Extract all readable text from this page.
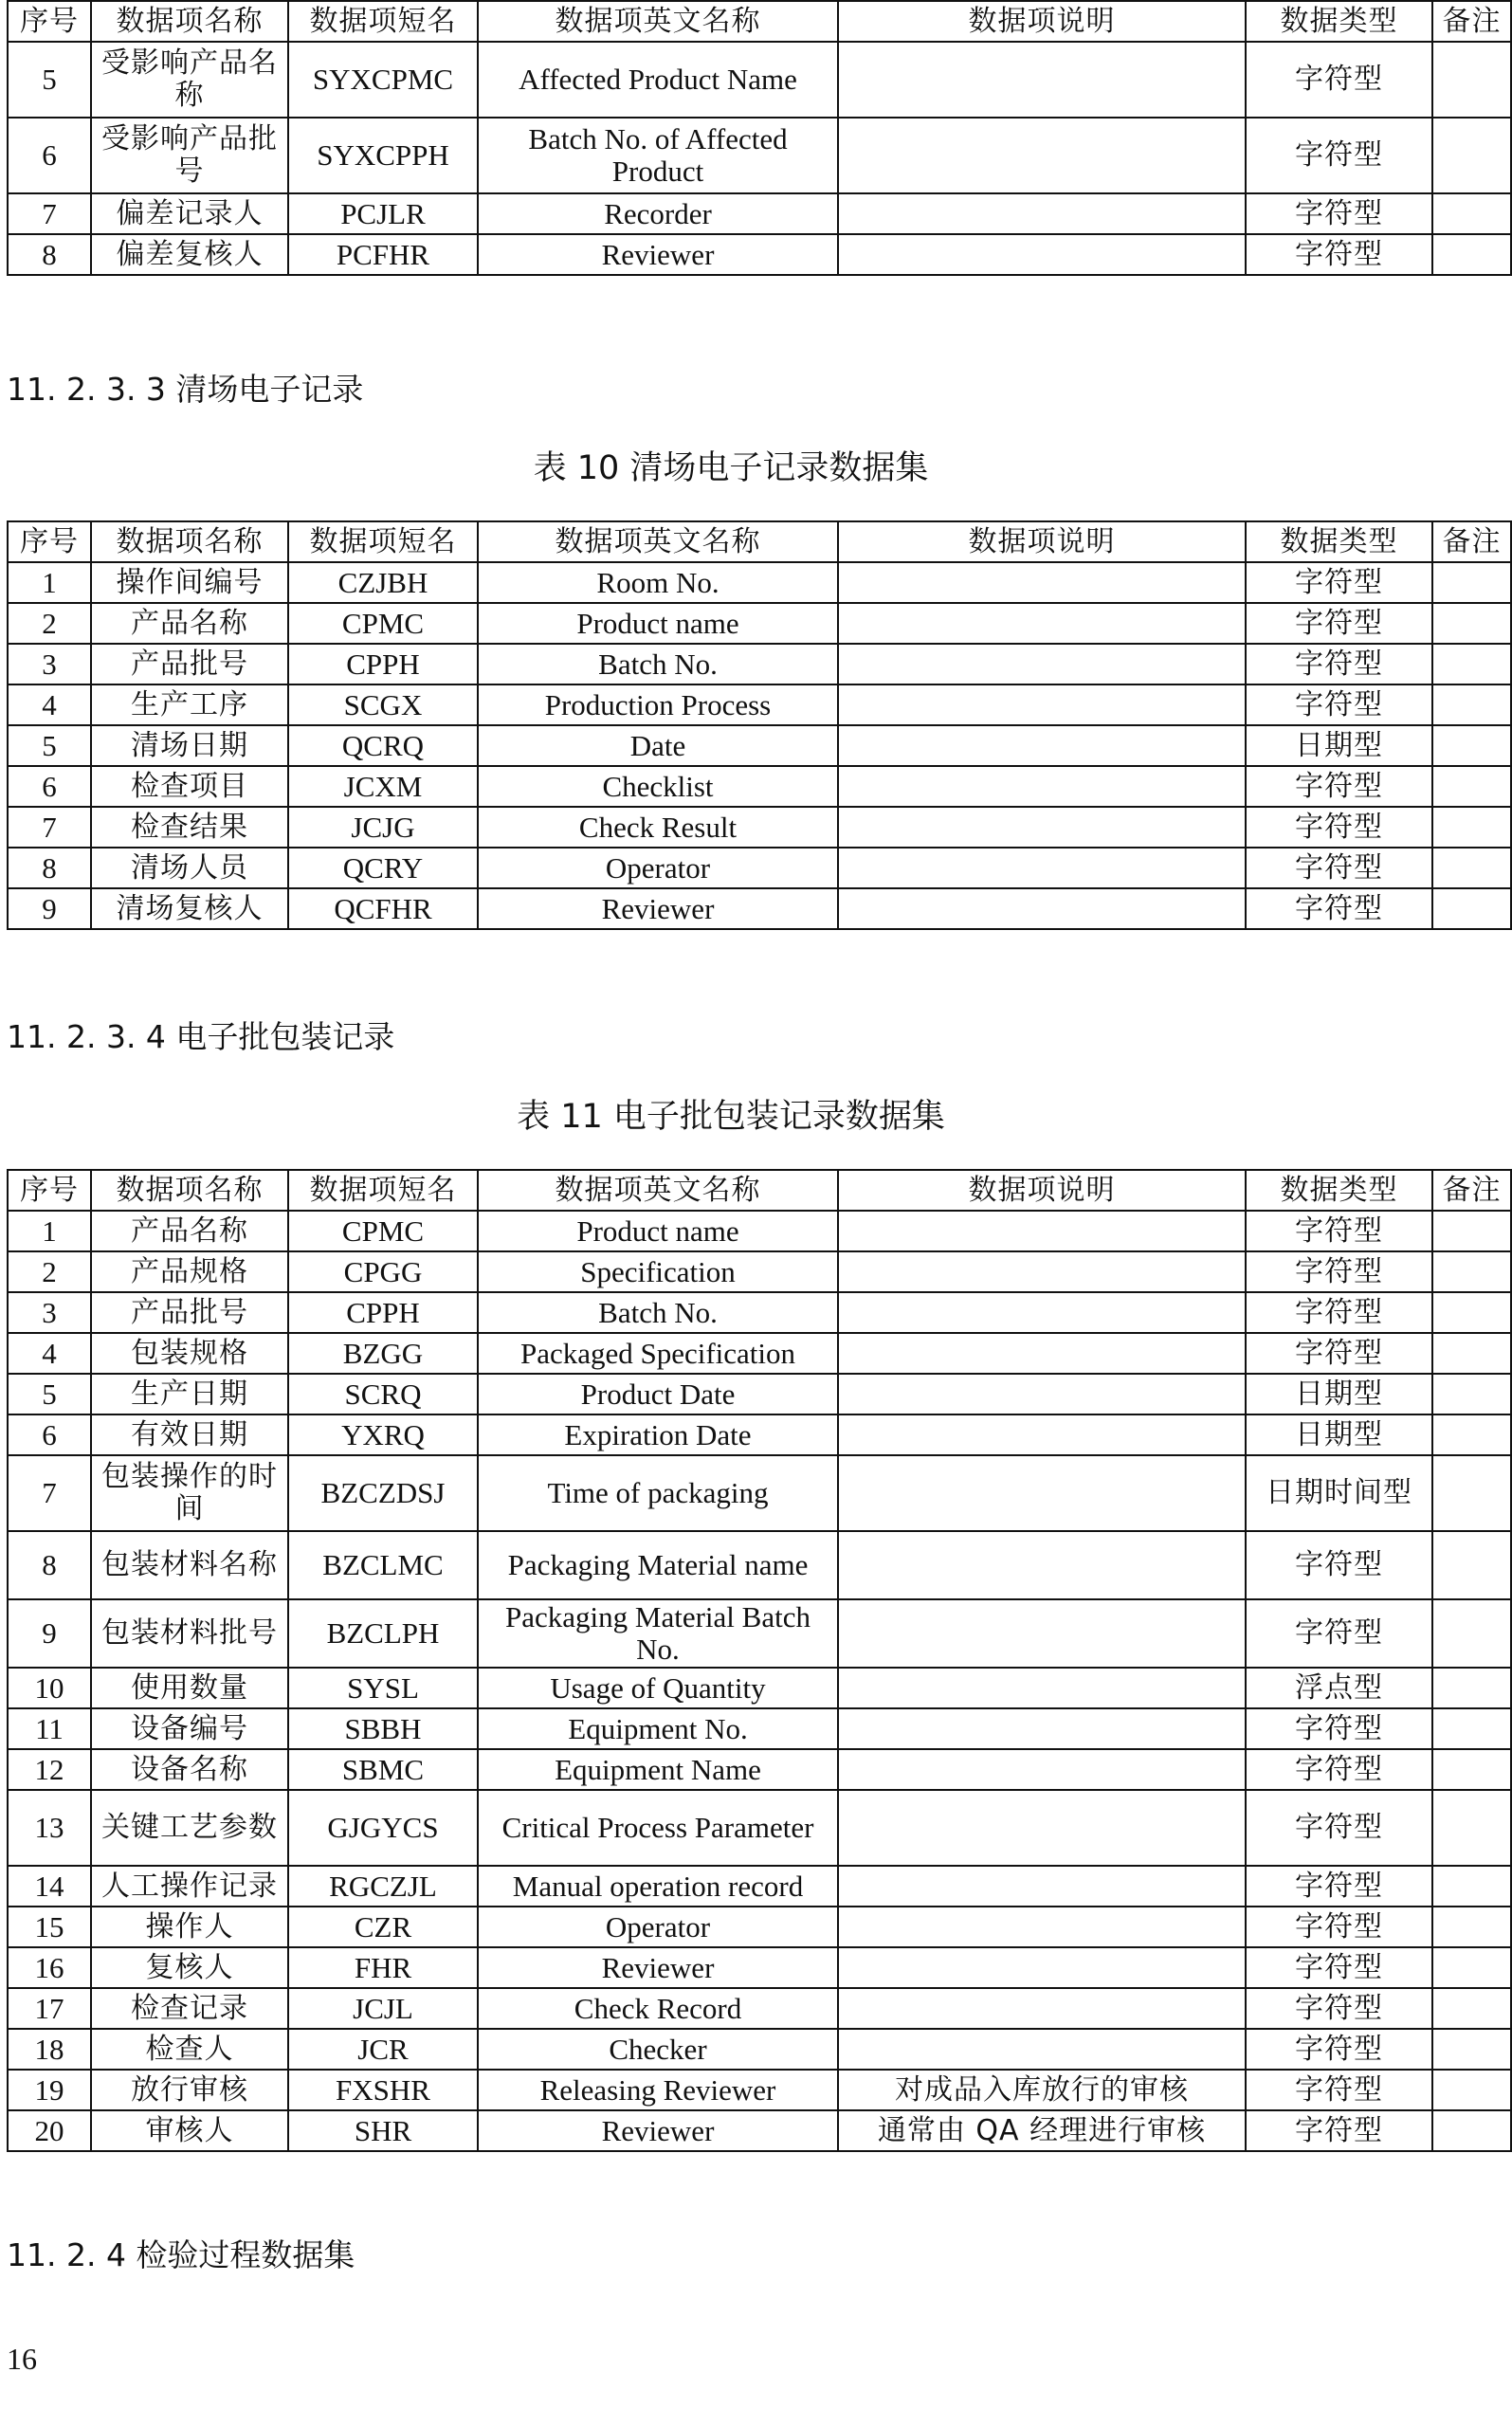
序号	数据项名称	数据项短名	数据项英文名称	数据项说明	数据类型	备注
5	受影响产品名称	SYXCPMC	Affected Product Name		字符型	
6	受影响产品批号	SYXCPPH	Batch No. of Affected Product		字符型	
7	偏差记录人	PCJLR	Recorder		字符型	
8	偏差复核人	PCFHR	Reviewer		字符型	
11. 2. 3. 3 清场电子记录
表 10 清场电子记录数据集
序号	数据项名称	数据项短名	数据项英文名称	数据项说明	数据类型	备注
1	操作间编号	CZJBH	Room No.		字符型	
2	产品名称	CPMC	Product name		字符型	
3	产品批号	CPPH	Batch No.		字符型	
4	生产工序	SCGX	Production Process		字符型	
5	清场日期	QCRQ	Date		日期型	
6	检查项目	JCXM	Checklist		字符型	
7	检查结果	JCJG	Check Result		字符型	
8	清场人员	QCRY	Operator		字符型	
9	清场复核人	QCFHR	Reviewer		字符型	
11. 2. 3. 4 电子批包装记录
表 11 电子批包装记录数据集
序号	数据项名称	数据项短名	数据项英文名称	数据项说明	数据类型	备注
1	产品名称	CPMC	Product name		字符型	
2	产品规格	CPGG	Specification		字符型	
3	产品批号	CPPH	Batch No.		字符型	
4	包装规格	BZGG	Packaged Specification		字符型	
5	生产日期	SCRQ	Product Date		日期型	
6	有效日期	YXRQ	Expiration Date		日期型	
7	包装操作的时间	BZCZDSJ	Time of packaging		日期时间型	
8	包装材料名称	BZCLMC	Packaging Material name		字符型	
9	包装材料批号	BZCLPH	Packaging Material Batch No.		字符型	
10	使用数量	SYSL	Usage of Quantity		浮点型	
11	设备编号	SBBH	Equipment No.		字符型	
12	设备名称	SBMC	Equipment Name		字符型	
13	关键工艺参数	GJGYCS	Critical Process Parameter		字符型	
14	人工操作记录	RGCZJL	Manual operation record		字符型	
15	操作人	CZR	Operator		字符型	
16	复核人	FHR	Reviewer		字符型	
17	检查记录	JCJL	Check Record		字符型	
18	检查人	JCR	Checker		字符型	
19	放行审核	FXSHR	Releasing Reviewer	对成品入库放行的审核	字符型	
20	审核人	SHR	Reviewer	通常由 QA 经理进行审核	字符型	
11. 2. 4 检验过程数据集
16
